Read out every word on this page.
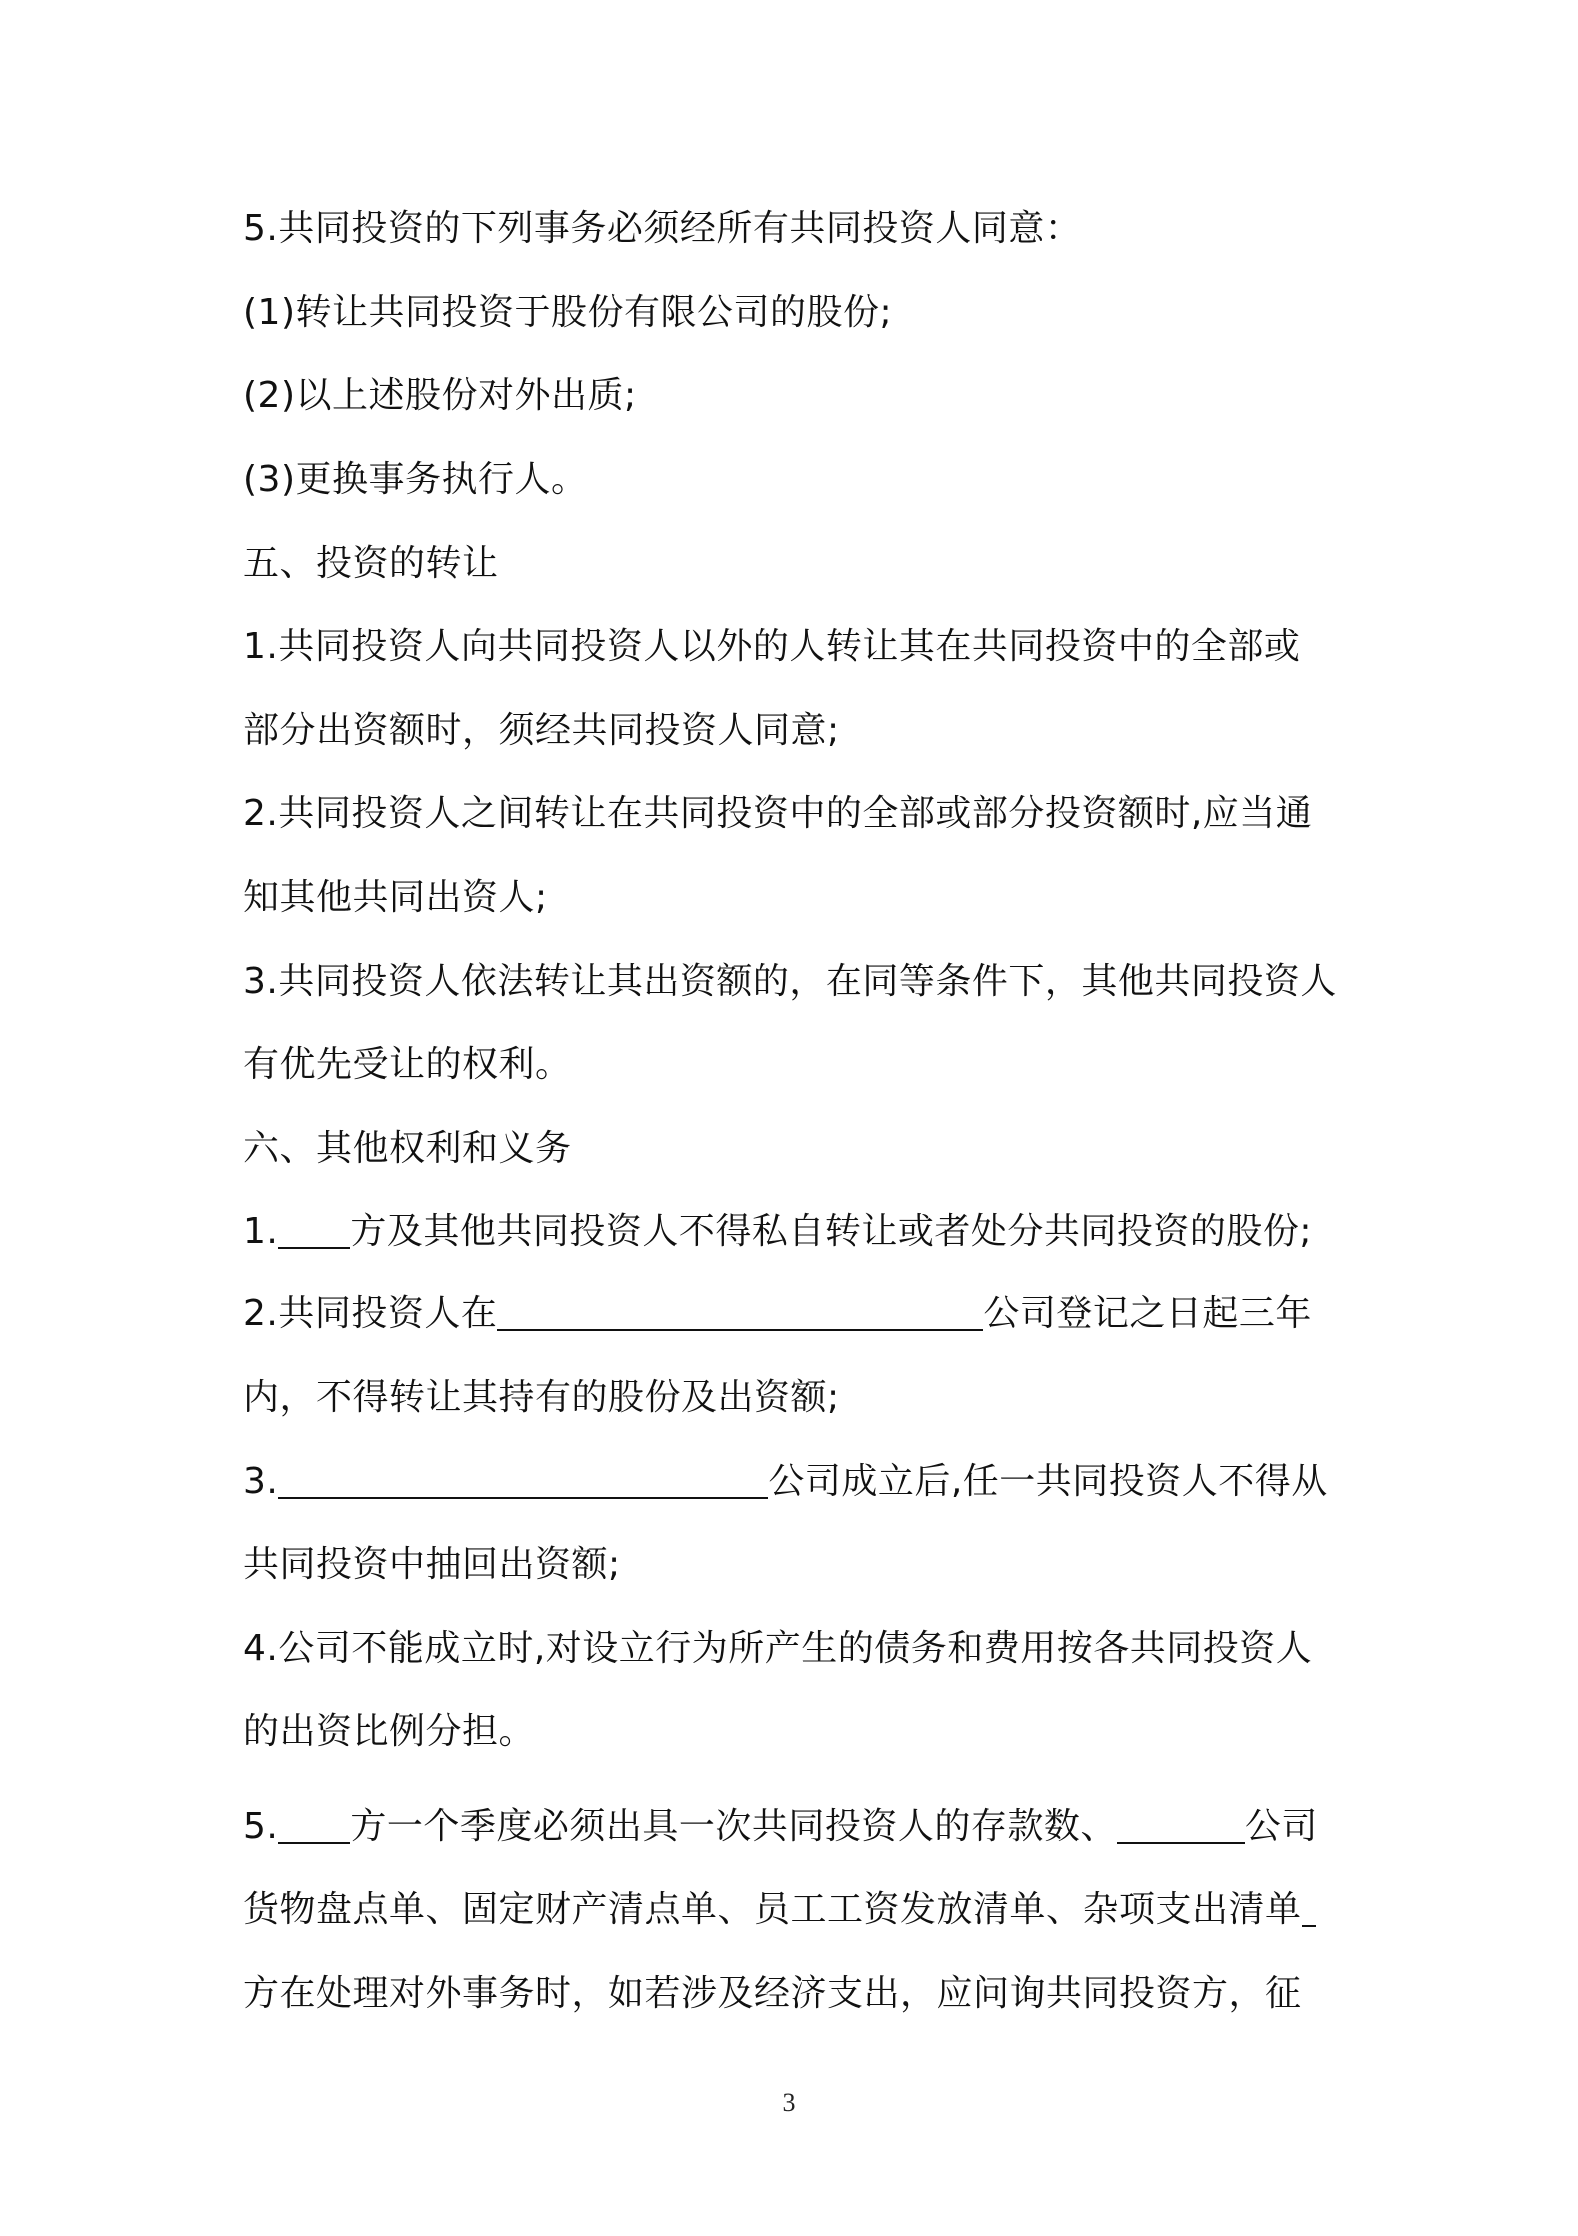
5.共同投资的下列事务必须经所有共同投资人同意：
(1)转让共同投资于股份有限公司的股份;
(2)以上述股份对外出质;
(3)更换事务执行人。
五、投资的转让
1.共同投资人向共同投资人以外的人转让其在共同投资中的全部或
部分出资额时，须经共同投资人同意;
2.共同投资人之间转让在共同投资中的全部或部分投资额时,应当通
知其他共同出资人;
3.共同投资人依法转让其出资额的，在同等条件下，其他共同投资人
有优先受让的权利。
六、其他权利和义务
1. 方及其他共同投资人不得私自转让或者处分共同投资的股份;
2.共同投资人在	公司登记之日起三年
内，不得转让其持有的股份及出资额;
3.	公司成立后,任一共同投资人不得从
共同投资中抽回出资额;
4.公司不能成立时,对设立行为所产生的债务和费用按各共同投资人
的出资比例分担。
5. 方一个季度必须出具一次共同投资人的存款数、	公司
货物盘点单、固定财产清点单、员工工资发放清单、杂项支出清单
方在处理对外事务时，如若涉及经济支出，应问询共同投资方，征
3
